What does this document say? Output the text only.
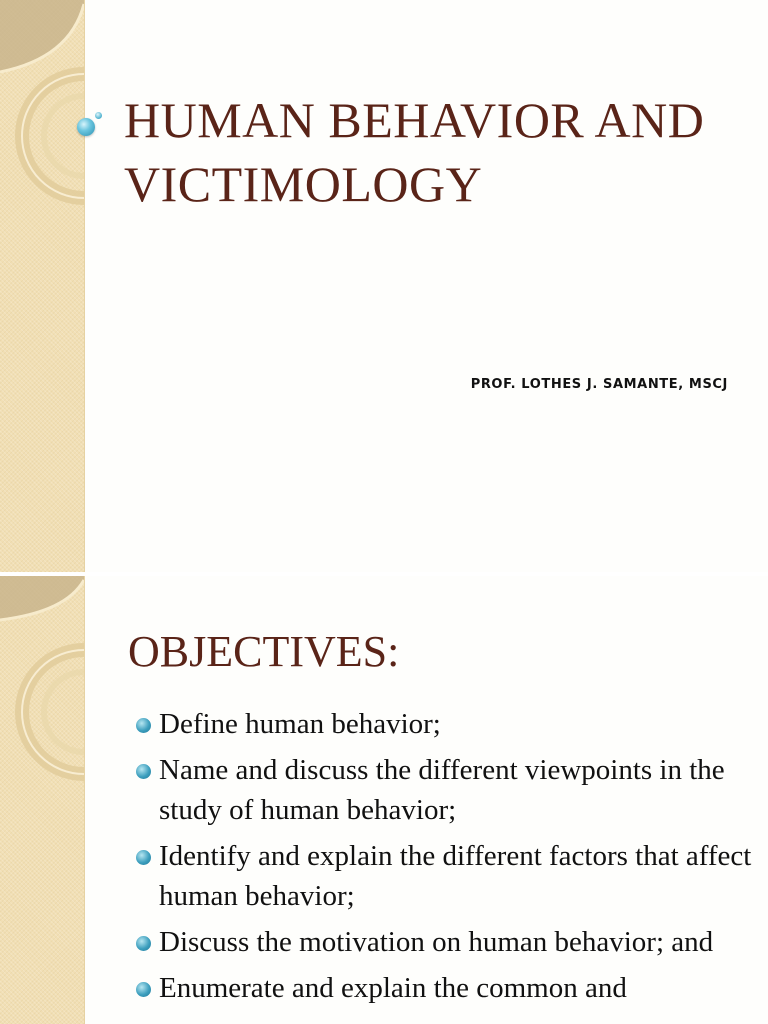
HUMAN BEHAVIOR AND VICTIMOLOGY
PROF. LOTHES J. SAMANTE, MSCJ
OBJECTIVES:
Define human behavior;
Name and discuss the different viewpoints in the study of human behavior;
Identify and explain the different factors that affect human behavior;
Discuss the motivation on human behavior; and
Enumerate and explain the common and
